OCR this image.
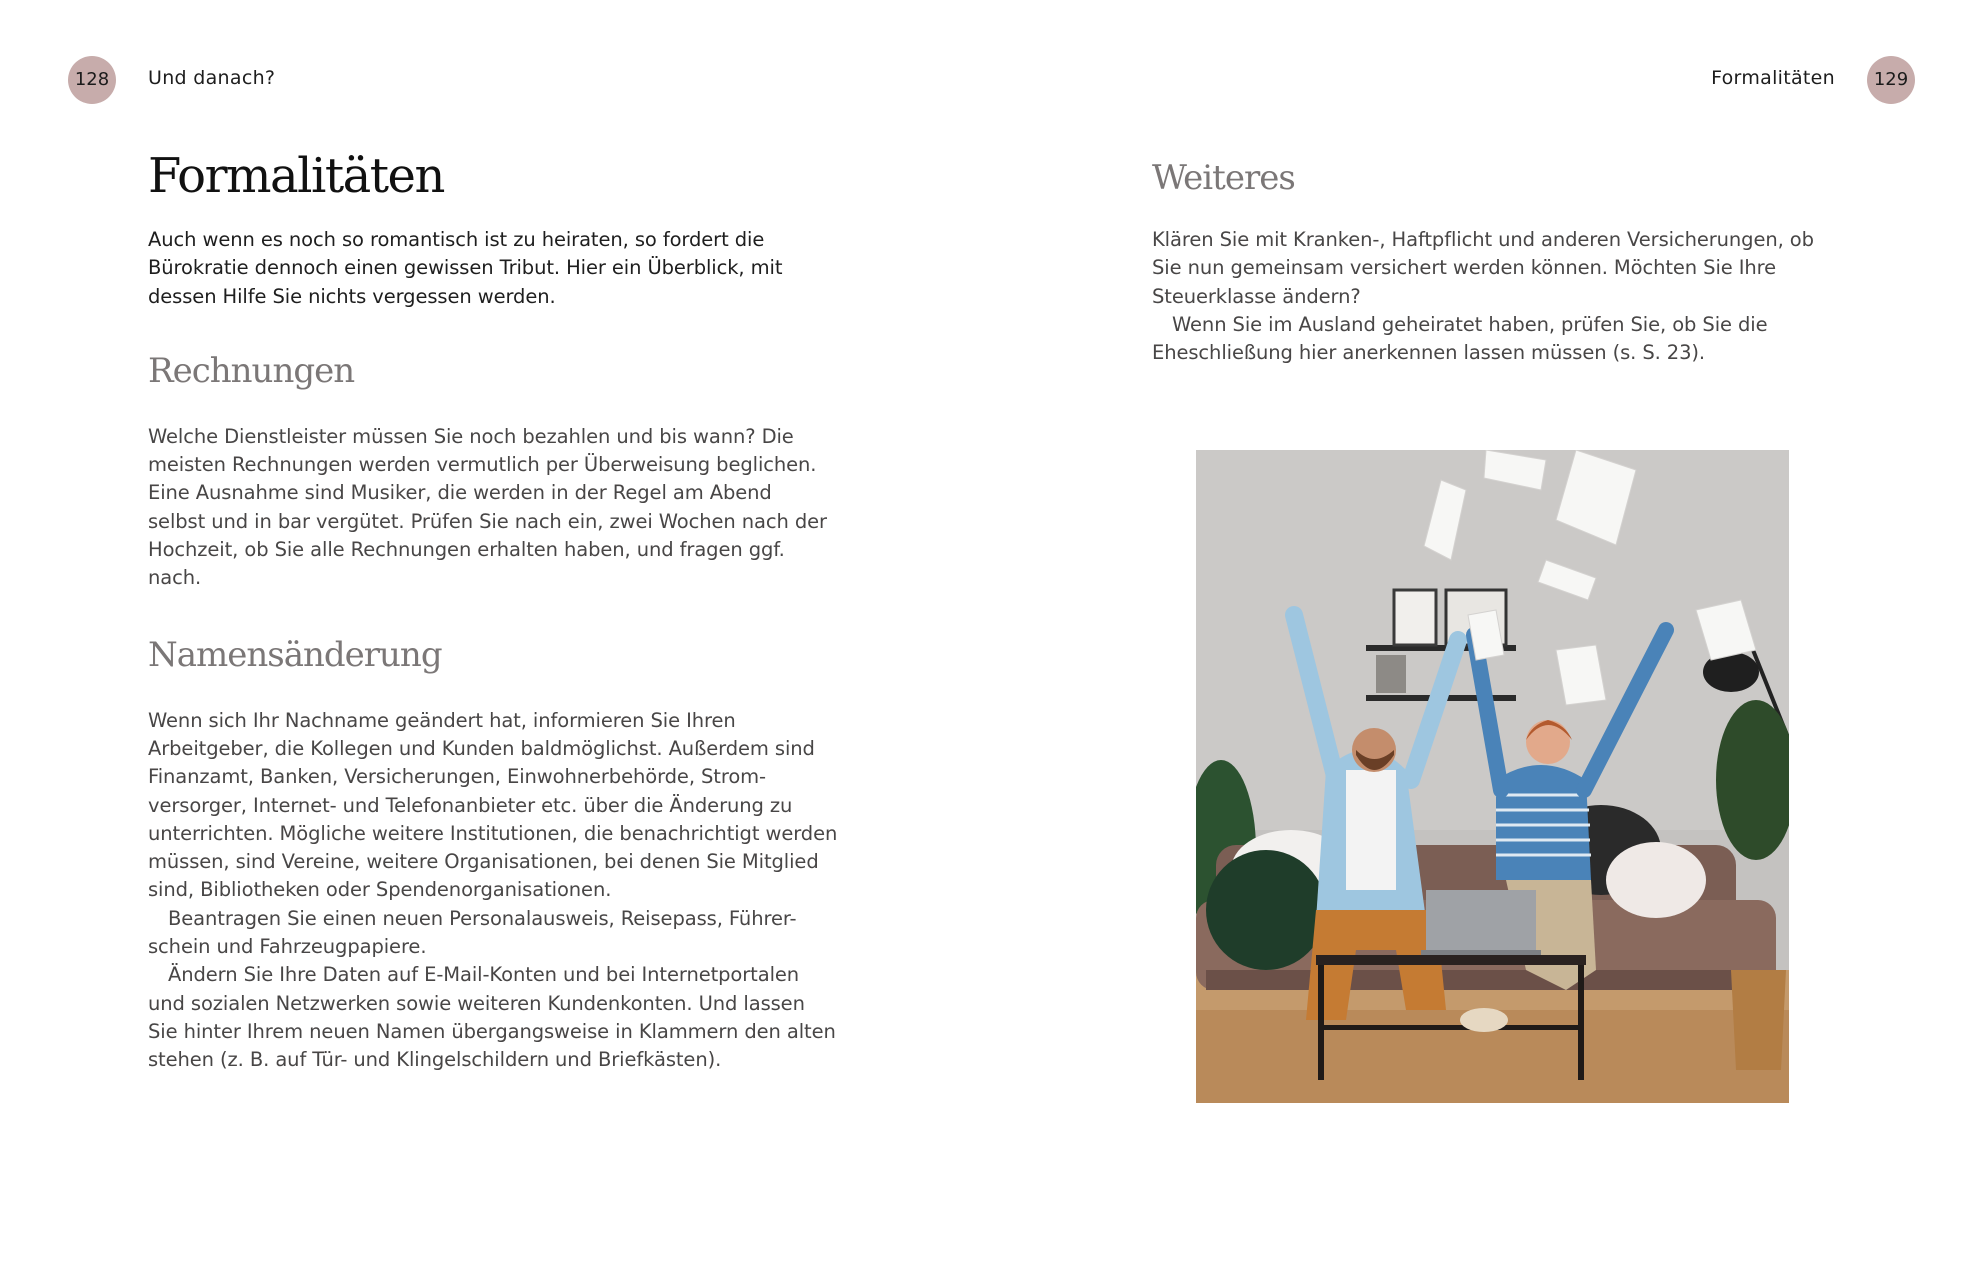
128	Und danach?	Formalitäten	129
Formalitäten

Auch wenn es noch so romantisch ist zu heiraten, so fordert die Bürokratie dennoch einen gewissen Tribut. Hier ein Überblick, mit dessen Hilfe Sie nichts vergessen werden.

Rechnungen

Welche Dienstleister müssen Sie noch bezahlen und bis wann? Die meisten Rechnungen werden vermutlich per Überweisung beglichen. Eine Ausnahme sind Musiker, die werden in der Regel am Abend selbst und in bar vergütet. Prüfen Sie nach ein, zwei Wochen nach der Hochzeit, ob Sie alle Rechnungen erhalten haben, und fragen ggf. nach.

Namensänderung

Wenn sich Ihr Nachname geändert hat, informieren Sie Ihren Arbeitgeber, die Kollegen und Kunden baldmöglichst. Außerdem sind Finanzamt, Banken, Versicherungen, Einwohnerbehörde, Strom-versorger, Internet- und Telefonanbieter etc. über die Änderung zu unterrichten. Mögliche weitere Institutionen, die benachrichtigt werden müssen, sind Vereine, weitere Organisationen, bei denen Sie Mitglied sind, Bibliotheken oder Spendenorganisationen.

Beantragen Sie einen neuen Personalausweis, Reisepass, Führer-schein und Fahrzeugpapiere.

Ändern Sie Ihre Daten auf E-Mail-Konten und bei Internetportalen und sozialen Netzwerken sowie weiteren Kundenkonten. Und lassen Sie hinter Ihrem neuen Namen übergangsweise in Klammern den alten stehen (z. B. auf Tür- und Klingelschildern und Briefkästen).

Weiteres

Klären Sie mit Kranken-, Haftpflicht und anderen Versicherungen, ob Sie nun gemeinsam versichert werden können. Möchten Sie Ihre Steuerklasse ändern?

Wenn Sie im Ausland geheiratet haben, prüfen Sie, ob Sie die Eheschließung hier anerkennen lassen müssen (s. S. 23).
